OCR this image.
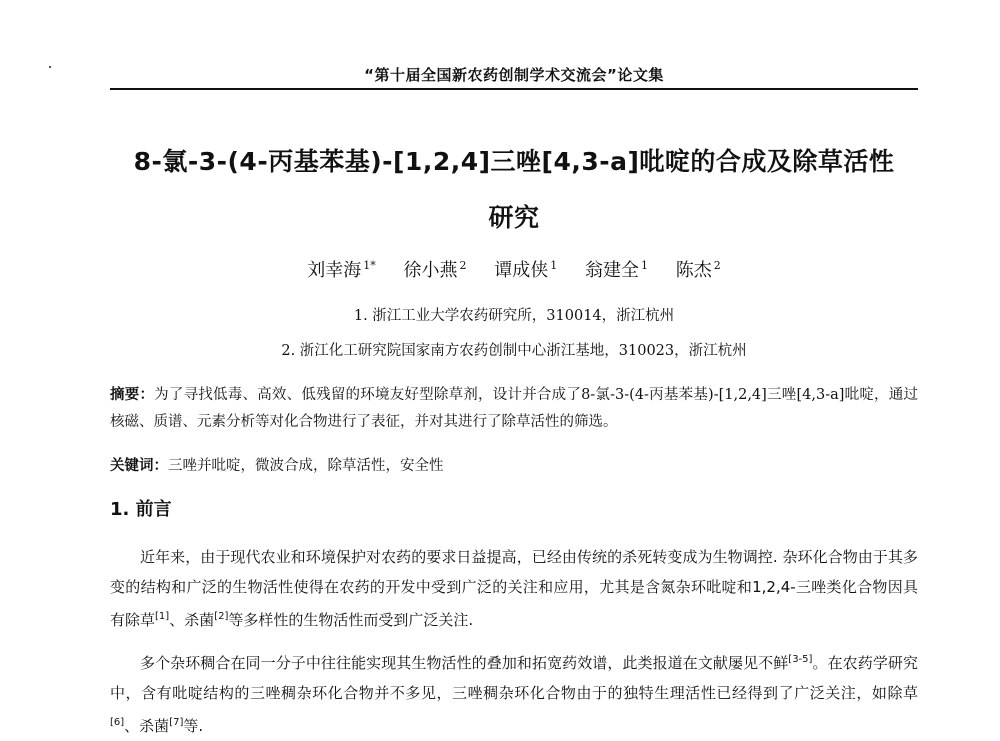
“第十届全国新农药创制学术交流会”论文集
8-氯-3-(4-丙基苯基)-[1,2,4]三唑[4,3-a]吡啶的合成及除草活性
研究
刘幸海 $^{1*}$ 徐小燕 $^2$ 谭成侠 $^1$ 翁建全 $^1$ 陈杰 $^2$
1. 浙江工业大学农药研究所，310014，浙江杭州
2. 浙江化工研究院国家南方农药创制中心浙江基地，310023，浙江杭州
摘要：为了寻找低毒、高效、低残留的环境友好型除草剂，设计并合成了8-氯-3-(4-丙基苯基)-[1,2,4]三唑[4,3-a]吡啶，通过核磁、质谱、元素分析等对化合物进行了表征，并对其进行了除草活性的筛选。
关键词：三唑并吡啶，微波合成，除草活性，安全性
1. 前言

近年来，由于现代农业和环境保护对农药的要求日益提高，已经由传统的杀死转变成为生物调控. 杂环化合物由于其多变的结构和广泛的生物活性使得在农药的开发中受到广泛的关注和应用，尤其是含氮杂环吡啶和1,2,4-三唑类化合物因具有除草[1]、杀菌[2]等多样性的生物活性而受到广泛关注.

多个杂环稠合在同一分子中往往能实现其生物活性的叠加和拓宽药效谱，此类报道在文献屡见不鲜[3-5]。在农药学研究中，含有吡啶结构的三唑稠杂环化合物并不多见，三唑稠杂环化合物由于的独特生理活性已经得到了广泛关注，如除草[6]、杀菌[7]等.
